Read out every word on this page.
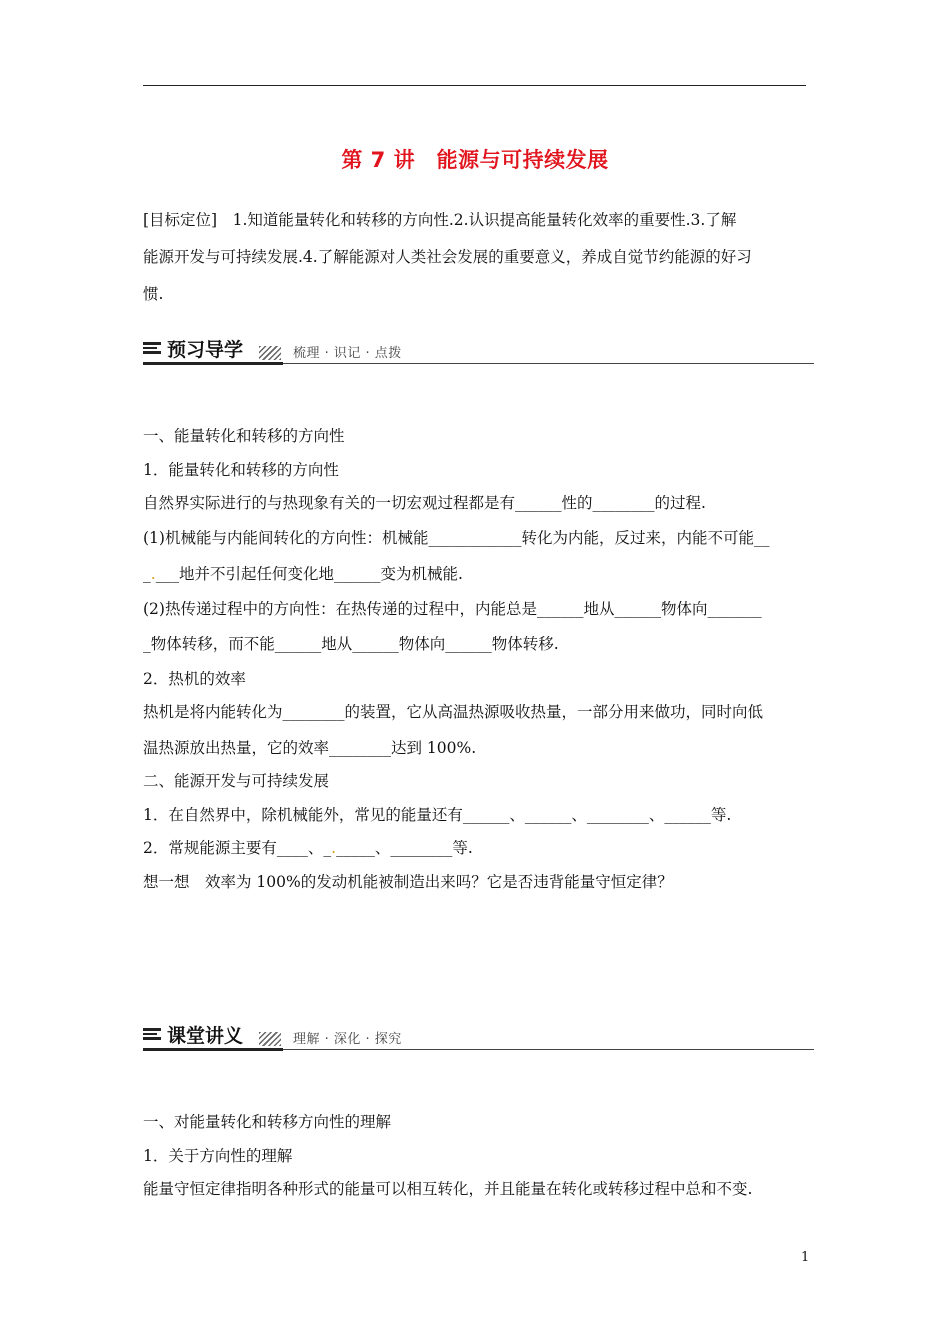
第 7 讲　能源与可持续发展
[目标定位]　1.知道能量转化和转移的方向性.2.认识提高能量转化效率的重要性.3.了解
能源开发与可持续发展.4.了解能源对人类社会发展的重要意义，养成自觉节约能源的好习
惯.
预习导学	梳理 · 识记 · 点拨
一、能量转化和转移的方向性
1．能量转化和转移的方向性
自然界实际进行的与热现象有关的一切宏观过程都是有______性的________的过程.
(1)机械能与内能间转化的方向性：机械能____________转化为内能，反过来，内能不可能__
_.___地并不引起任何变化地______变为机械能.
(2)热传递过程中的方向性：在热传递的过程中，内能总是______地从______物体向_______
_物体转移，而不能______地从______物体向______物体转移.
2．热机的效率
热机是将内能转化为________的装置，它从高温热源吸收热量，一部分用来做功，同时向低
温热源放出热量，它的效率________达到 100%.
二、能源开发与可持续发展
1．在自然界中，除机械能外，常见的能量还有______、______、________、______等.
2．常规能源主要有____、_._____、________等.
想一想　效率为 100%的发动机能被制造出来吗？它是否违背能量守恒定律？
课堂讲义	理解 · 深化 · 探究
一、对能量转化和转移方向性的理解
1．关于方向性的理解
能量守恒定律指明各种形式的能量可以相互转化，并且能量在转化或转移过程中总和不变.
1
